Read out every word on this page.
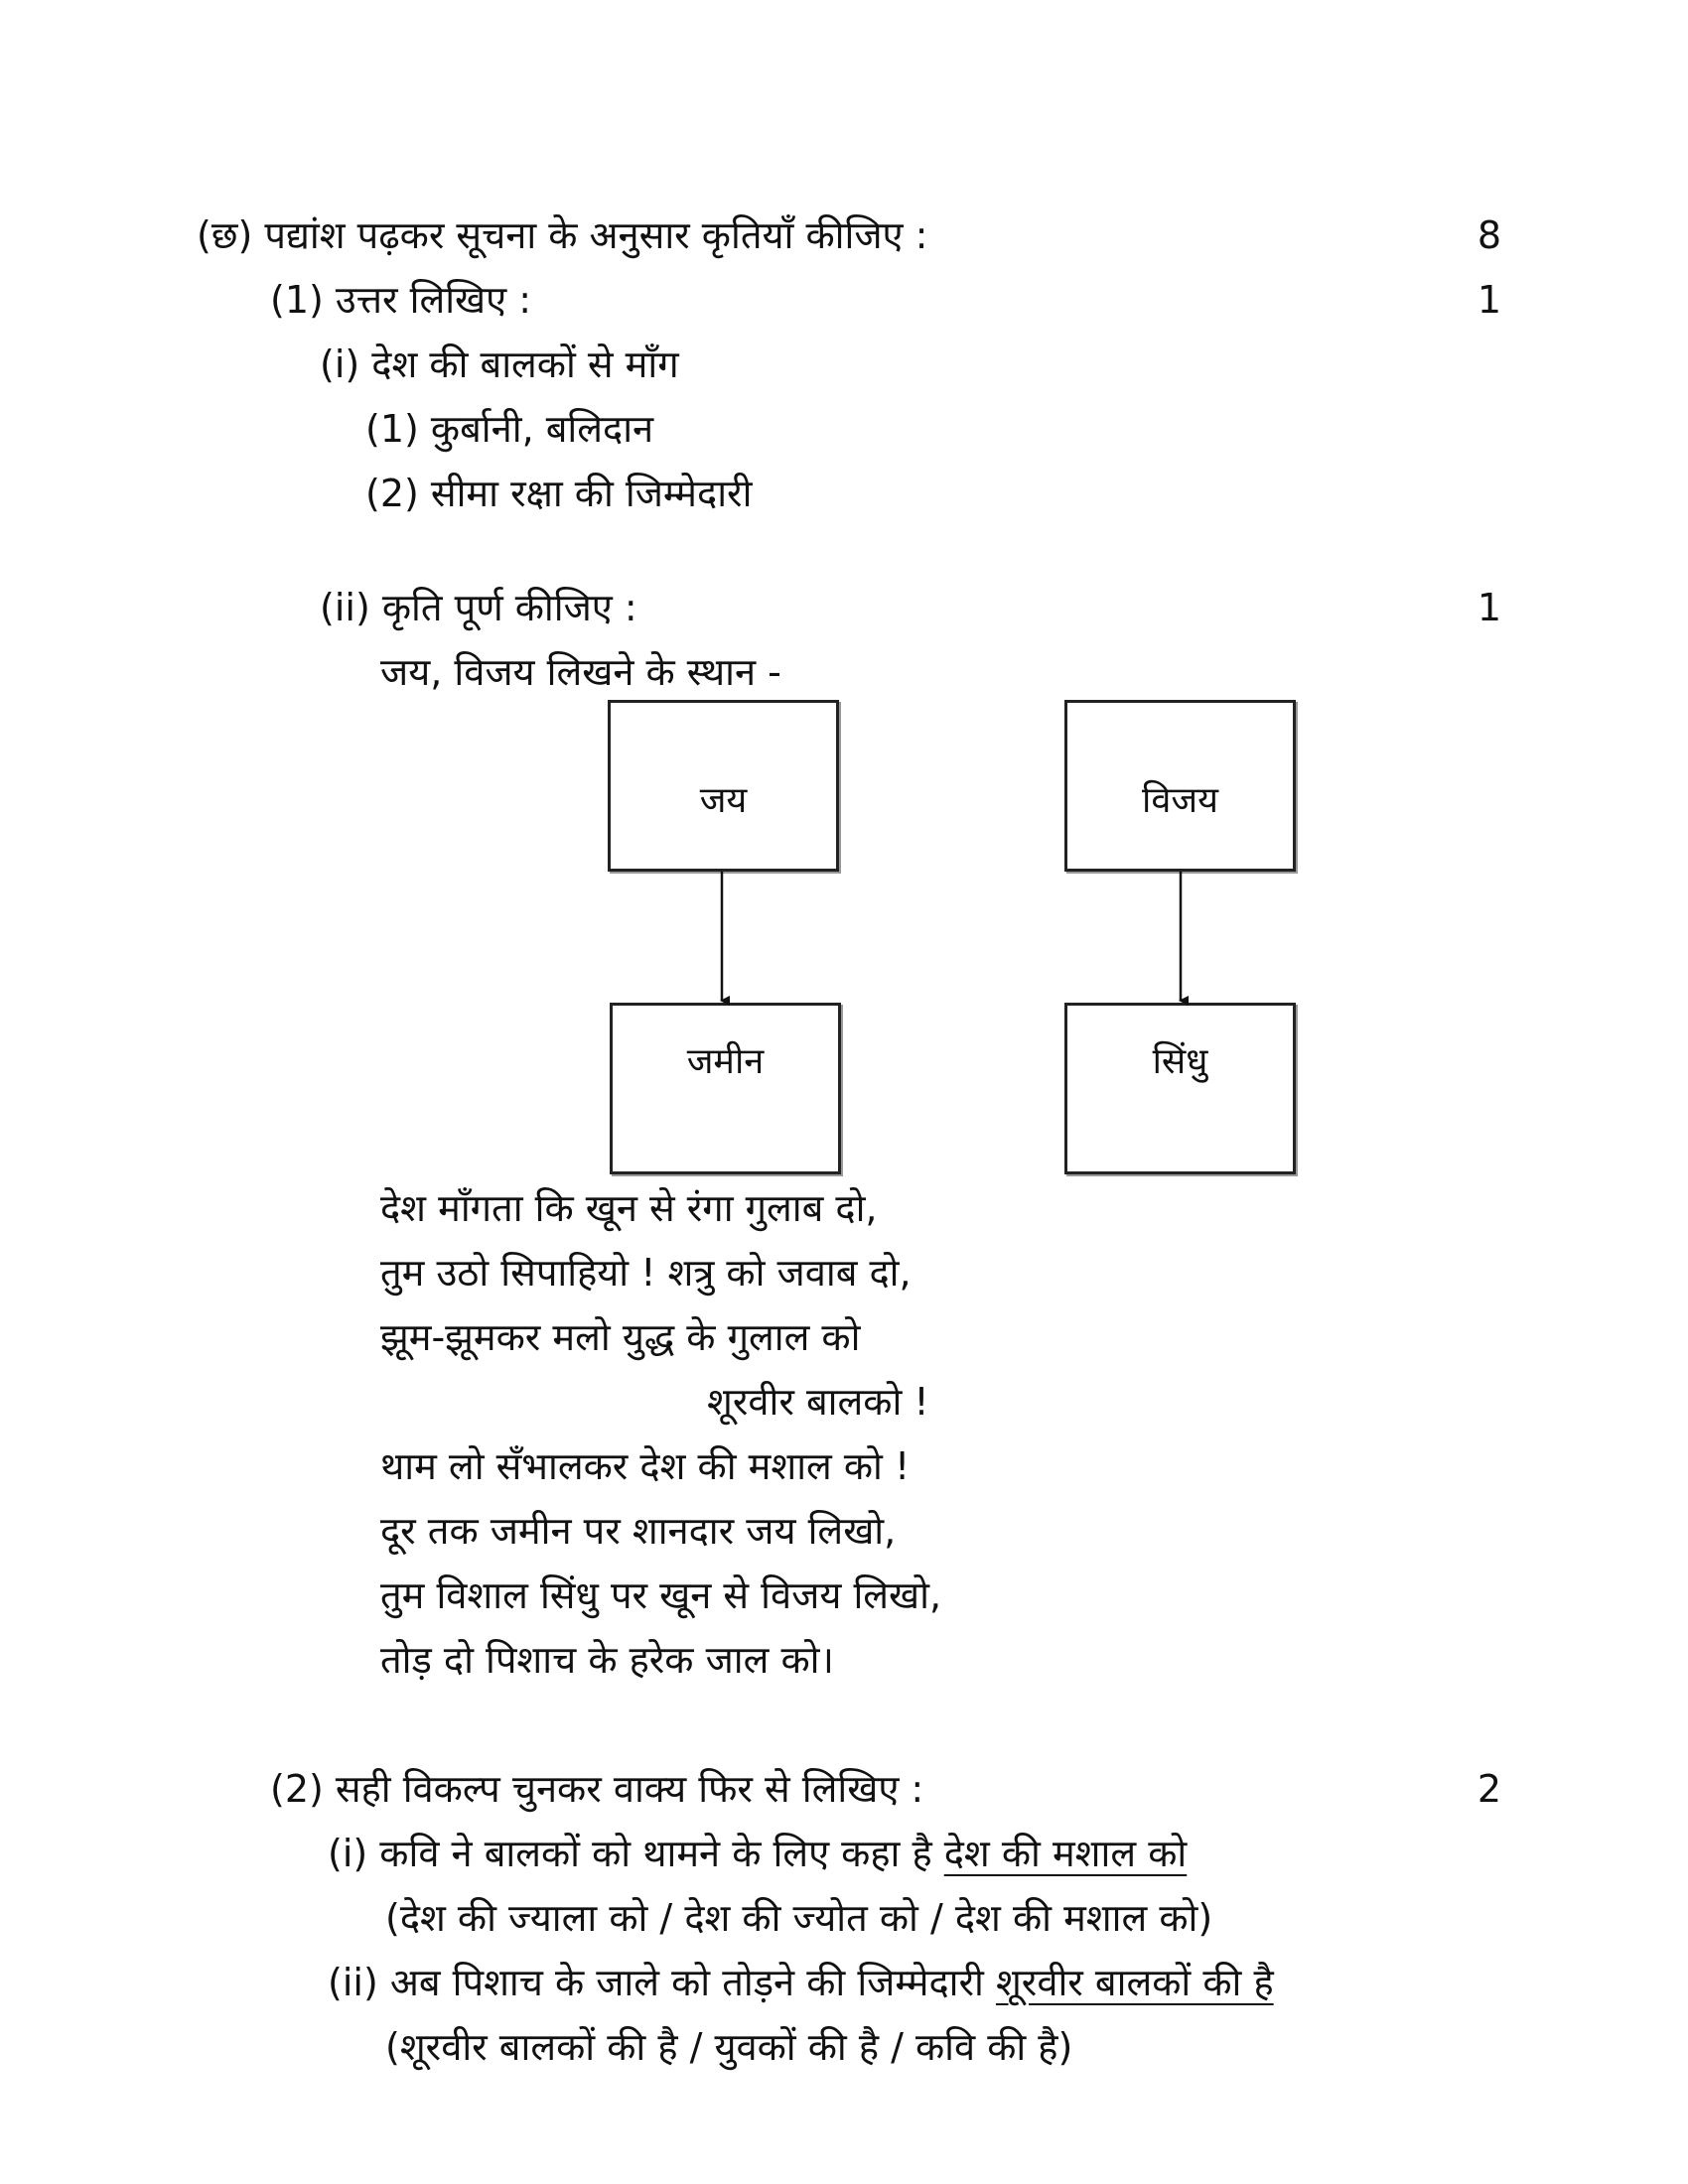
(छ) पद्यांश पढ़कर सूचना के अनुसार कृतियाँ कीजिए :	8
(1) उत्तर लिखिए :	1
(i) देश की बालकों से माँग
(1) कुर्बानी, बलिदान
(2) सीमा रक्षा की जिम्मेदारी
(ii) कृति पूर्ण कीजिए :	1
जय, विजय लिखने के स्थान -
जय	विजय
जमीन	सिंधु
देश माँगता कि खून से रंगा गुलाब दो,
तुम उठो सिपाहियो ! शत्रु को जवाब दो,
झूम-झूमकर मलो युद्ध के गुलाल को
शूरवीर बालको !
थाम लो सँभालकर देश की मशाल को !
दूर तक जमीन पर शानदार जय लिखो,
तुम विशाल सिंधु पर खून से विजय लिखो,
तोड़ दो पिशाच के हरेक जाल को।
(2) सही विकल्प चुनकर वाक्य फिर से लिखिए :	2
(i) कवि ने बालकों को थामने के लिए कहा है देश की मशाल को
(देश की ज्याला को / देश की ज्योत को / देश की मशाल को)
(ii) अब पिशाच के जाले को तोड़ने की जिम्मेदारी शूरवीर बालकों की है
(शूरवीर बालकों की है / युवकों की है / कवि की है)
